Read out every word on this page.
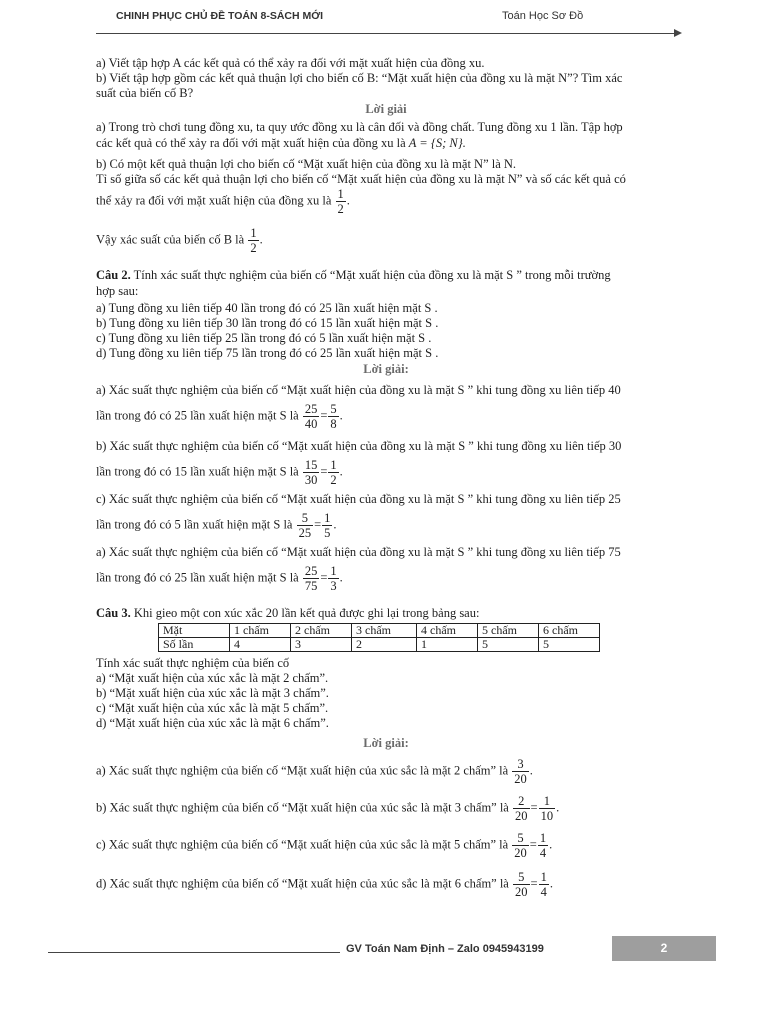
CHINH PHỤC CHỦ ĐỀ TOÁN 8-SÁCH MỚI	Toán Học Sơ Đồ
a) Viết tập hợp A các kết quả có thể xảy ra đối với mặt xuất hiện của đồng xu.
b) Viết tập hợp gồm các kết quả thuận lợi cho biến cố B: “Mặt xuất hiện của đồng xu là mặt N”? Tìm xác
suất của biến cố B?
Lời giải
a) Trong trò chơi tung đồng xu, ta quy ước đồng xu là cân đối và đồng chất. Tung đồng xu 1 lần. Tập hợp
các kết quả có thể xảy ra đối với mặt xuất hiện của đồng xu là A = {S; N}.
b) Có một kết quả thuận lợi cho biến cố “Mặt xuất hiện của đồng xu là mặt N” là N.
Tỉ số giữa số các kết quả thuận lợi cho biến cố “Mặt xuất hiện của đồng xu là mặt N” và số các kết quả có
thể xảy ra đối với mặt xuất hiện của đồng xu là $\frac{1}{2}$ .
Vậy xác suất của biến cố B là $\frac{1}{2}$ .
Câu 2. Tính xác suất thực nghiệm của biến cố “Mặt xuất hiện của đồng xu là mặt S ” trong mỗi trường
hợp sau:
a) Tung đồng xu liên tiếp 40 lần trong đó có 25 lần xuất hiện mặt S .
b) Tung đồng xu liên tiếp 30 lần trong đó có 15 lần xuất hiện mặt S .
c) Tung đồng xu liên tiếp 25 lần trong đó có 5 lần xuất hiện mặt S .
d) Tung đồng xu liên tiếp 75 lần trong đó có 25 lần xuất hiện mặt S .
Lời giải:
a) Xác suất thực nghiệm của biến cố “Mặt xuất hiện của đồng xu là mặt S ” khi tung đồng xu liên tiếp 40
lần trong đó có 25 lần xuất hiện mặt S là $\frac{25}{40} = \frac{5}{8}$ .
b) Xác suất thực nghiệm của biến cố “Mặt xuất hiện của đồng xu là mặt S ” khi tung đồng xu liên tiếp 30
lần trong đó có 15 lần xuất hiện mặt S là $\frac{15}{30} = \frac{1}{2}$ .
c) Xác suất thực nghiệm của biến cố “Mặt xuất hiện của đồng xu là mặt S ” khi tung đồng xu liên tiếp 25
lần trong đó có 5 lần xuất hiện mặt S là $\frac{5}{25} = \frac{1}{5}$ .
a) Xác suất thực nghiệm của biến cố “Mặt xuất hiện của đồng xu là mặt S ” khi tung đồng xu liên tiếp 75
lần trong đó có 25 lần xuất hiện mặt S là $\frac{25}{75} = \frac{1}{3}$ .
Câu 3. Khi gieo một con xúc xắc 20 lần kết quả được ghi lại trong bảng sau:
Mặt	1 chấm	2 chấm	3 chấm	4 chấm	5 chấm	6 chấm
Số lần	4	3	2	1	5	5
Tính xác suất thực nghiệm của biến cố
a) “Mặt xuất hiện của xúc xắc là mặt 2 chấm”.
b) “Mặt xuất hiện của xúc xắc là mặt 3 chấm”.
c) “Mặt xuất hiện của xúc xắc là mặt 5 chấm”.
d) “Mặt xuất hiện của xúc xắc là mặt 6 chấm”.
Lời giải:
a) Xác suất thực nghiệm của biến cố “Mặt xuất hiện của xúc sắc là mặt 2 chấm” là $\frac{3}{20}$ .
b) Xác suất thực nghiệm của biến cố “Mặt xuất hiện của xúc sắc là mặt 3 chấm” là $\frac{2}{20} = \frac{1}{10}$ .
c) Xác suất thực nghiệm của biến cố “Mặt xuất hiện của xúc sắc là mặt 5 chấm” là $\frac{5}{20} = \frac{1}{4}$ .
d) Xác suất thực nghiệm của biến cố “Mặt xuất hiện của xúc sắc là mặt 6 chấm” là $\frac{5}{20} = \frac{1}{4}$ .
GV Toán Nam Định – Zalo 0945943199	2
